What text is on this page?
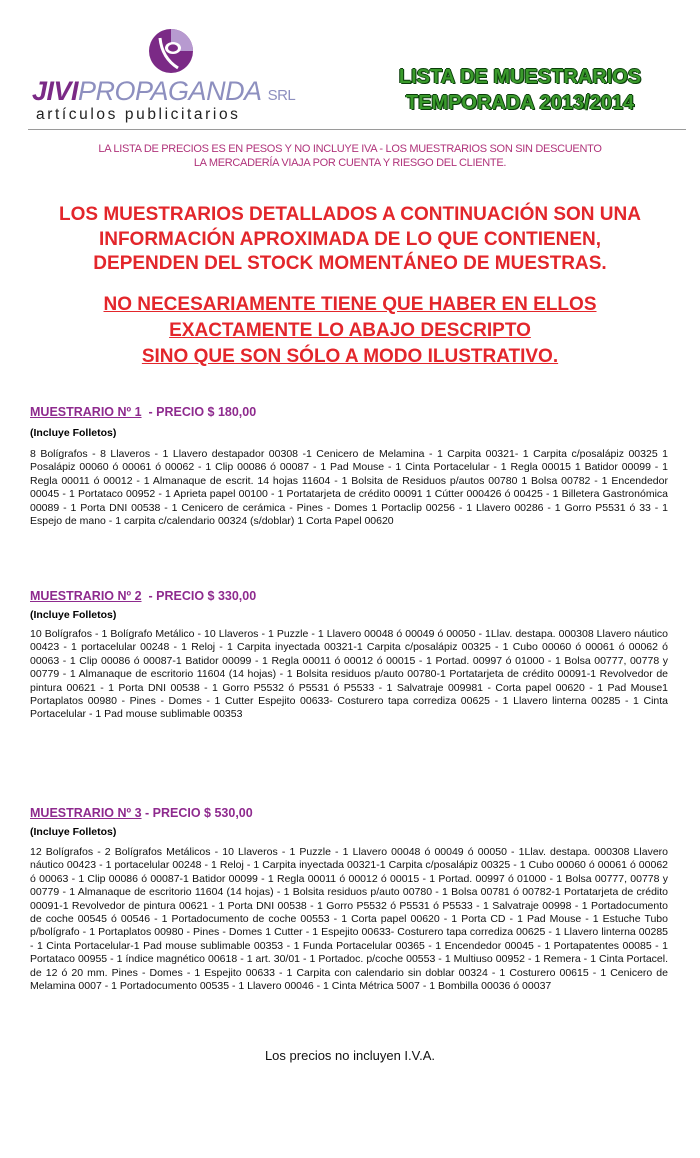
JIVIPROPAGANDA SRL
artículos publicitarios
LISTA DE MUESTRARIOS
TEMPORADA 2013/2014
LA LISTA DE PRECIOS ES EN PESOS Y NO INCLUYE IVA - LOS MUESTRARIOS SON SIN DESCUENTO
LA MERCADERÍA VIAJA POR CUENTA Y RIESGO DEL CLIENTE.
LOS MUESTRARIOS DETALLADOS A CONTINUACIÓN SON UNA
INFORMACIÓN APROXIMADA DE LO QUE CONTIENEN,
DEPENDEN DEL STOCK MOMENTÁNEO DE MUESTRAS.
NO NECESARIAMENTE TIENE QUE HABER EN ELLOS
EXACTAMENTE LO ABAJO DESCRIPTO
SINO QUE SON SÓLO A MODO ILUSTRATIVO.
MUESTRARIO Nº 1 - PRECIO $ 180,00
(Incluye Folletos)
8 Bolígrafos - 8 Llaveros - 1 Llavero destapador 00308 -1 Cenicero de Melamina - 1 Carpita 00321- 1 Carpita c/posalápiz 00325 1 Posalápiz 00060 ó 00061 ó 00062 - 1 Clip 00086 ó 00087 - 1 Pad Mouse - 1 Cinta Portacelular - 1 Regla 00015 1 Batidor 00099 - 1 Regla 00011 ó 00012 - 1 Almanaque de escrit. 14 hojas 11604 - 1 Bolsita de Residuos p/autos 00780 1 Bolsa 00782 - 1 Encendedor 00045 - 1 Portataco 00952 - 1 Aprieta papel 00100 - 1 Portatarjeta de crédito 00091 1 Cútter 000426 ó 00425 - 1 Billetera Gastronómica 00089 - 1 Porta DNI 00538 - 1 Cenicero de cerámica - Pines - Domes 1 Portaclip 00256 - 1 Llavero 00286 - 1 Gorro P5531 ó 33 - 1 Espejo de mano - 1 carpita c/calendario 00324 (s/doblar) 1 Corta Papel 00620
MUESTRARIO Nº 2 - PRECIO $ 330,00
(Incluye Folletos)
10 Bolígrafos - 1 Bolígrafo Metálico - 10 Llaveros - 1 Puzzle - 1 Llavero 00048 ó 00049 ó 00050 - 1Llav. destapa. 000308 Llavero náutico 00423 - 1 portacelular 00248 - 1 Reloj - 1 Carpita inyectada 00321-1 Carpita c/posalápiz 00325 - 1 Cubo 00060 ó 00061 ó 00062 ó 00063 - 1 Clip 00086 ó 00087-1 Batidor 00099 - 1 Regla 00011 ó 00012 ó 00015 - 1 Portad. 00997 ó 01000 - 1 Bolsa 00777, 00778 y 00779 - 1 Almanaque de escritorio 11604 (14 hojas) - 1 Bolsita residuos p/auto 00780-1 Portatarjeta de crédito 00091-1 Revolvedor de pintura 00621 - 1 Porta DNI 00538 - 1 Gorro P5532 ó P5531 ó P5533 - 1 Salvatraje 009981 - Corta papel 00620 - 1 Pad Mouse1 Portaplatos 00980 - Pines - Domes - 1 Cutter Espejito 00633- Costurero tapa corrediza 00625 - 1 Llavero linterna 00285 - 1 Cinta Portacelular - 1 Pad mouse sublimable 00353
MUESTRARIO Nº 3 - PRECIO $ 530,00
(Incluye Folletos)
12 Bolígrafos - 2 Bolígrafos Metálicos - 10 Llaveros - 1 Puzzle - 1 Llavero 00048 ó 00049 ó 00050 - 1Llav. destapa. 000308 Llavero náutico 00423 - 1 portacelular 00248 - 1 Reloj - 1 Carpita inyectada 00321-1 Carpita c/posalápiz 00325 - 1 Cubo 00060 ó 00061 ó 00062 ó 00063 - 1 Clip 00086 ó 00087-1 Batidor 00099 - 1 Regla 00011 ó 00012 ó 00015 - 1 Portad. 00997 ó 01000 - 1 Bolsa 00777, 00778 y 00779 - 1 Almanaque de escritorio 11604 (14 hojas) - 1 Bolsita residuos p/auto 00780 - 1 Bolsa 00781 ó 00782-1 Portatarjeta de crédito 00091-1 Revolvedor de pintura 00621 - 1 Porta DNI 00538 - 1 Gorro P5532 ó P5531 ó P5533 - 1 Salvatraje 00998 - 1 Portadocumento de coche 00545 ó 00546 - 1 Portadocumento de coche 00553 - 1 Corta papel 00620 - 1 Porta CD - 1 Pad Mouse - 1 Estuche Tubo p/bolígrafo - 1 Portaplatos 00980 - Pines - Domes 1 Cutter - 1 Espejito 00633- Costurero tapa corrediza 00625 - 1 Llavero linterna 00285 - 1 Cinta Portacelular-1 Pad mouse sublimable 00353 - 1 Funda Portacelular 00365 - 1 Encendedor 00045 - 1 Portapatentes 00085 - 1 Portataco 00955 - 1 índice magnético 00618 - 1 art. 30/01 - 1 Portadoc. p/coche 00553 - 1 Multiuso 00952 - 1 Remera - 1 Cinta Portacel. de 12 ó 20 mm. Pines - Domes - 1 Espejito 00633 - 1 Carpita con calendario sin doblar 00324 - 1 Costurero 00615 - 1 Cenicero de Melamina 0007 - 1 Portadocumento 00535 - 1 Llavero 00046 - 1 Cinta Métrica 5007 - 1 Bombilla 00036 ó 00037
Los precios no incluyen I.V.A.
